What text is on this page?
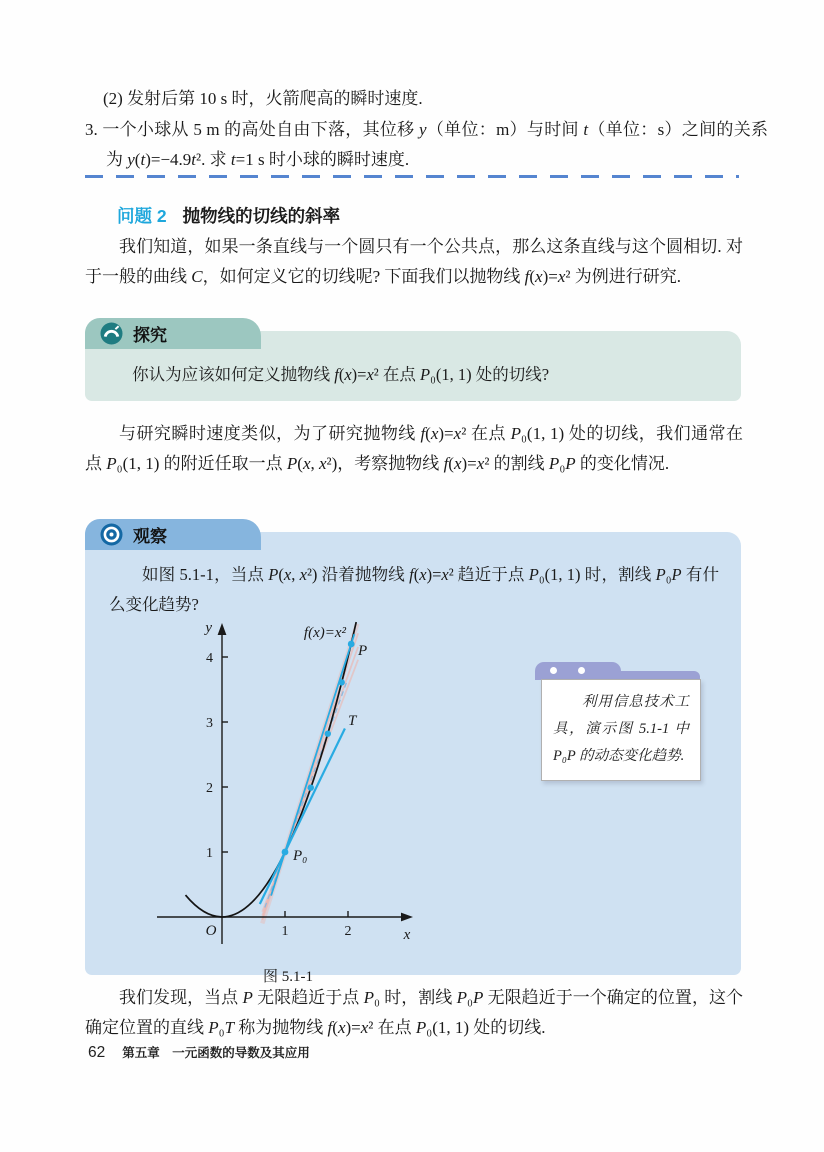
(2) 发射后第 10 s 时，火箭爬高的瞬时速度.
3. 一个小球从 5 m 的高处自由下落，其位移 y（单位：m）与时间 t（单位：s）之间的关系为 y(t)=−4.9t². 求 t=1 s 时小球的瞬时速度.
问题 2 抛物线的切线的斜率
我们知道，如果一条直线与一个圆只有一个公共点，那么这条直线与这个圆相切. 对于一般的曲线 C，如何定义它的切线呢? 下面我们以抛物线 f(x)=x² 为例进行研究.
探究
你认为应该如何定义抛物线 f(x)=x² 在点 P₀(1, 1) 处的切线?
与研究瞬时速度类似，为了研究抛物线 f(x)=x² 在点 P₀(1, 1) 处的切线，我们通常在点 P₀(1, 1) 的附近任取一点 P(x, x²)，考察抛物线 f(x)=x² 的割线 P₀P 的变化情况.
观察
如图 5.1-1，当点 P(x, x²) 沿着抛物线 f(x)=x² 趋近于点 P₀(1, 1) 时，割线 P₀P 有什么变化趋势?
y
x
O
f(x)=x²
P
P₀
T
1	2
1
2
3
4
图 5.1-1
利用信息技术工具，演示图 5.1-1 中 P₀P 的动态变化趋势.
我们发现，当点 P 无限趋近于点 P₀ 时，割线 P₀P 无限趋近于一个确定的位置，这个确定位置的直线 P₀T 称为抛物线 f(x)=x² 在点 P₀(1, 1) 处的切线.
62 第五章　一元函数的导数及其应用
